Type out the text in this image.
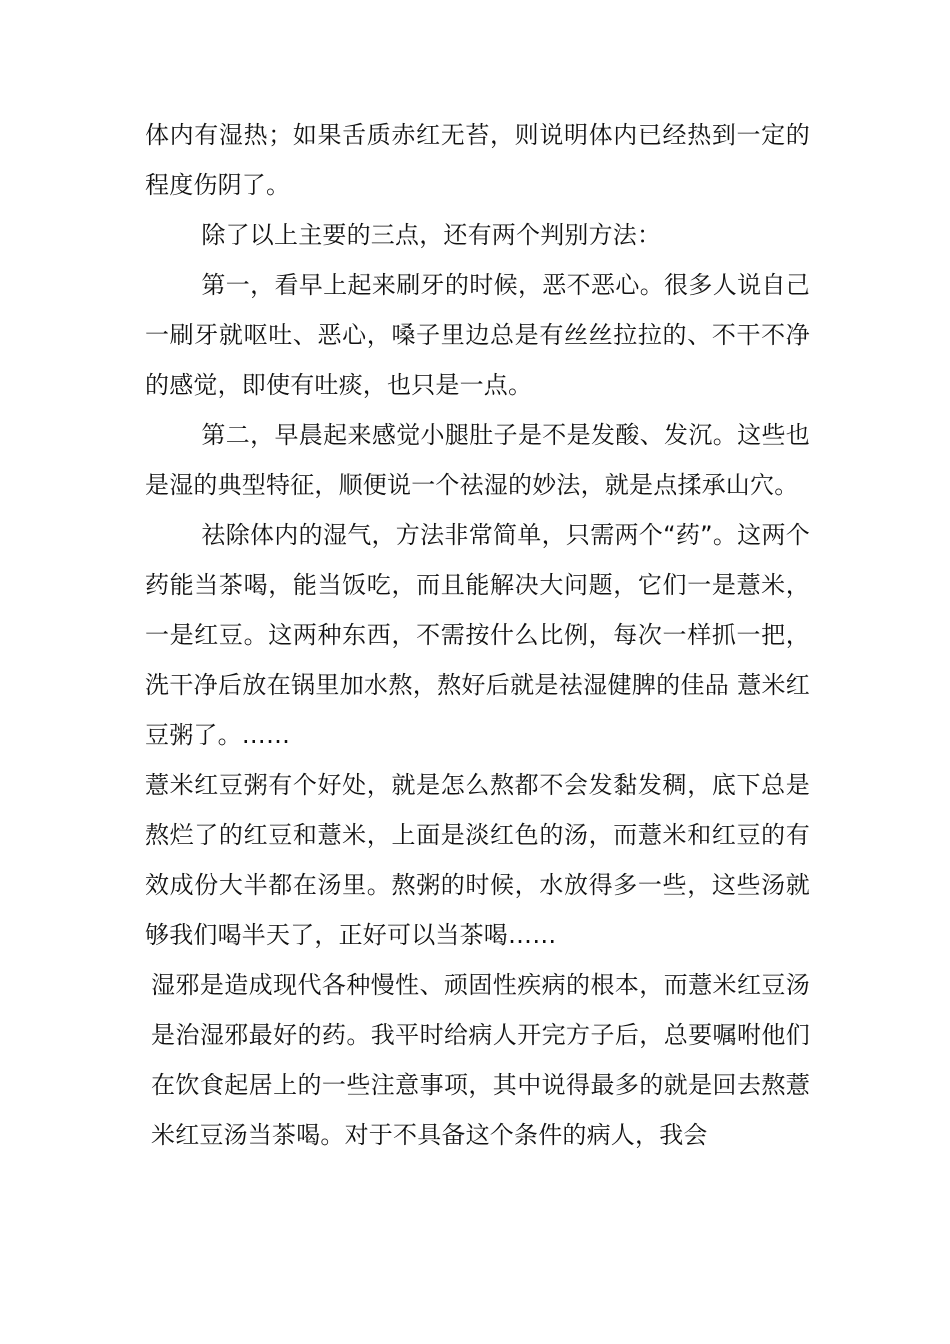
体内有湿热；如果舌质赤红无苔，则说明体内已经热到一定的程度伤阴了。

除了以上主要的三点，还有两个判别方法：

第一，看早上起来刷牙的时候，恶不恶心。很多人说自己一刷牙就呕吐、恶心，嗓子里边总是有丝丝拉拉的、不干不净的感觉，即使有吐痰，也只是一点。

第二，早晨起来感觉小腿肚子是不是发酸、发沉。这些也是湿的典型特征，顺便说一个祛湿的妙法，就是点揉承山穴。

祛除体内的湿气，方法非常简单，只需两个“药”。这两个药能当茶喝，能当饭吃，而且能解决大问题，它们一是薏米，一是红豆。这两种东西，不需按什么比例，每次一样抓一把，洗干净后放在锅里加水熬，熬好后就是祛湿健脾的佳品 薏米红豆粥了。……

薏米红豆粥有个好处，就是怎么熬都不会发黏发稠，底下总是熬烂了的红豆和薏米，上面是淡红色的汤，而薏米和红豆的有效成份大半都在汤里。熬粥的时候，水放得多一些，这些汤就够我们喝半天了，正好可以当茶喝……

湿邪是造成现代各种慢性、顽固性疾病的根本，而薏米红豆汤是治湿邪最好的药。我平时给病人开完方子后，总要嘱咐他们在饮食起居上的一些注意事项，其中说得最多的就是回去熬薏米红豆汤当茶喝。对于不具备这个条件的病人，我会
